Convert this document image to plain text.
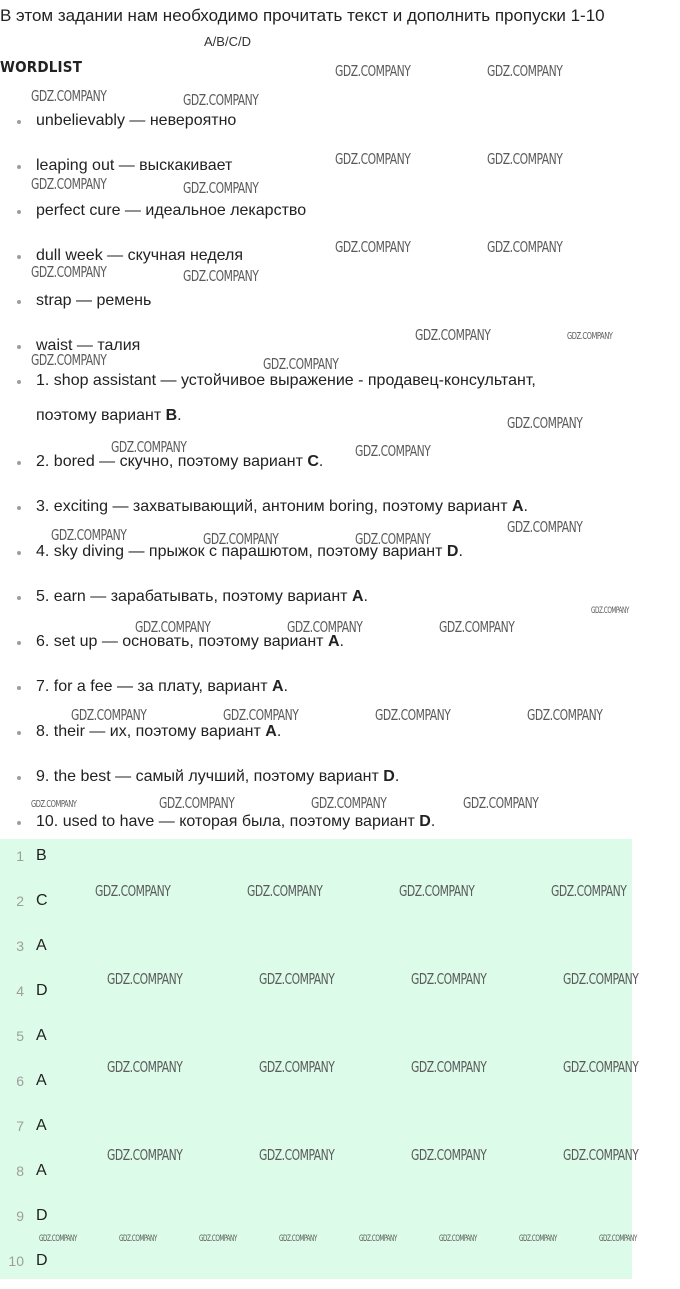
В этом задании нам необходимо прочитать текст и дополнить пропуски 1-10
A/B/C/D
WORDLIST
unbelievably — невероятно
leaping out — выскакивает
perfect cure — идеальное лекарство
dull week — скучная неделя
strap — ремень
waist — талия
1. shop assistant — устойчивое выражение - продавец-консультант,
поэтому вариант B.
2. bored — скучно, поэтому вариант C.
3. exciting — захватывающий, антоним boring, поэтому вариант A.
4. sky diving — прыжок с парашютом, поэтому вариант D.
5. earn — зарабатывать, поэтому вариант A.
6. set up — основать, поэтому вариант A.
7. for a fee — за плату, вариант A.
8. their — их, поэтому вариант A.
9. the best — самый лучший, поэтому вариант D.
10. used to have — которая была, поэтому вариант D.
1 B
2 C
3 A
4 D
5 A
6 A
7 A
8 A
9 D
10 D
GDZ.COMPANY	GDZ.COMPANY
GDZ.COMPANY	GDZ.COMPANY
GDZ.COMPANY	GDZ.COMPANY
GDZ.COMPANY	GDZ.COMPANY
GDZ.COMPANY	GDZ.COMPANY
GDZ.COMPANY	GDZ.COMPANY
GDZ.COMPANY	GDZ.COMPANY
GDZ.COMPANY	GDZ.COMPANY
GDZ.COMPANY
GDZ.COMPANY	GDZ.COMPANY
GDZ.COMPANY
GDZ.COMPANY	GDZ.COMPANY	GDZ.COMPANY
GDZ.COMPANY
GDZ.COMPANY	GDZ.COMPANY	GDZ.COMPANY
GDZ.COMPANY	GDZ.COMPANY	GDZ.COMPANY	GDZ.COMPANY
GDZ.COMPANY	GDZ.COMPANY	GDZ.COMPANY	GDZ.COMPANY
GDZ.COMPANY	GDZ.COMPANY	GDZ.COMPANY	GDZ.COMPANY
GDZ.COMPANY	GDZ.COMPANY	GDZ.COMPANY	GDZ.COMPANY
GDZ.COMPANY	GDZ.COMPANY	GDZ.COMPANY	GDZ.COMPANY
GDZ.COMPANY	GDZ.COMPANY	GDZ.COMPANY	GDZ.COMPANY
GDZ.COMPANY	GDZ.COMPANY	GDZ.COMPANY	GDZ.COMPANY	GDZ.COMPANY	GDZ.COMPANY	GDZ.COMPANY	GDZ.COMPANY
